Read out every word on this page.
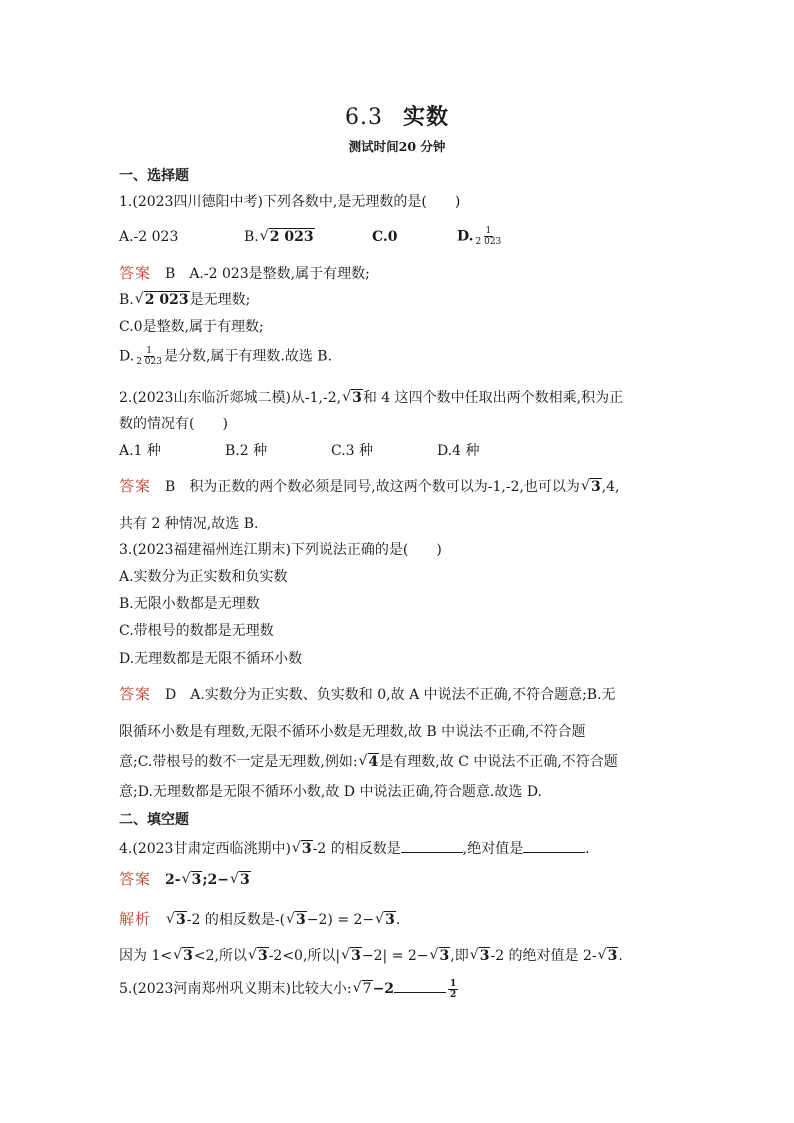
6.3 实数
测试时间20 分钟
一、选择题
1.(2023四川德阳中考)下列各数中,是无理数的是(　　)
A.-2 023	B. √ 2 023	C.0	D. $\frac{1}{2 023}$
答案 B A.-2 023是整数,属于有理数;
B. √ 2 023是无理数;
C.0是整数,属于有理数;
D. $\frac{1}{2 023}$ 是分数,属于有理数.故选 B.
2.(2023山东临沂郯城二模)从-1,-2, √ 3和 4 这四个数中任取出两个数相乘,积为正
数的情况有(　　)
A.1 种	B.2 种	C.3 种	D.4 种
答案 B 积为正数的两个数必须是同号,故这两个数可以为-1,-2,也可以为 √ 3,4,
共有 2 种情况,故选 B.
3.(2023福建福州连江期末)下列说法正确的是(　　)
A.实数分为正实数和负实数
B.无限小数都是无理数
C.带根号的数都是无理数
D.无理数都是无限不循环小数
答案 D A.实数分为正实数、负实数和 0,故 A 中说法不正确,不符合题意;B.无
限循环小数是有理数,无限不循环小数是无理数,故 B 中说法不正确,不符合题
意;C.带根号的数不一定是无理数,例如: √ 4是有理数,故 C 中说法不正确,不符合题
意;D.无理数都是无限不循环小数,故 D 中说法正确,符合题意.故选 D.
二、填空题
4.(2023甘肃定西临洮期中) √ 3-2 的相反数是	,绝对值是	.
答案 2- √ 3;2− √ 3
解析 √ 3-2 的相反数是-( √ 3−2) = 2− √ 3.
因为 1< √ 3<2,所以 √ 3-2<0,所以| √ 3−2| = 2− √ 3,即 √ 3-2 的绝对值是 2- √ 3.
5.(2023河南郑州巩义期末)比较大小: √ 7−2	$\frac{1}{2}$
